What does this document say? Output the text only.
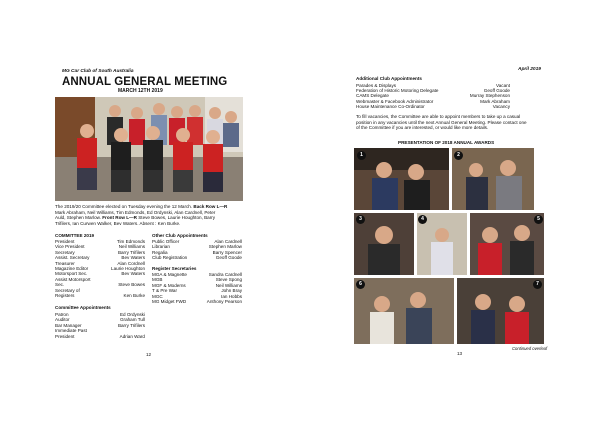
MG Car Club of South Australia
ANNUAL GENERAL MEETING
MARCH 12TH 2019
The 2019/20 Committee elected on Tuesday evening the 12 March. Back Row L—R
Mark Abraham, Neil Williams, Tim Edmonds, Ed Ordynski, Alan Cardnell, Peter
Auld, Stephen Marlow. Front Row L—R Steve Bowes, Laurie Houghton, Barry
Trifilers, Ian Curwen Walker, Bev Waters. Absent : Ken Burke.
COMMITTEE 2019
President	Tim Edmonds
Vice President	Neil Williams
Secretary	Barry Trifilers
Assist. Secretary	Bev Waters
Treasurer	Alan Cordnell
Magazine Editor	Laurie Houghton
Motorsport Sec.	Bev Waters
Assist Motorsport
Sec.	Steve Bowes
Secretary of
Registers	Ken Burke
Committee Appointments
Patron	Ed Ordynski
Auditor	Graham Tull
Bar Manager	Barry Trifilers
Immediate Past
President	Adrian Ward
Other Club Appointments
Public Officer	Alan Cardnell
Librarian	Stephen Marlow
Regalia	Barry Spencer
Club Registration	Geoff Goode
Register Secretaries
MGA & Magnette	Sandra Cardnell
MGB	Steve Spong
MGF & Moderns	Neil Williams
T & Pre War	John Bray
MGC	Ian Hobbs
MG Midget FWD	Anthony Pearson
12
April 2019
Additional Club Appointments
Parades & Displays	Vacant
Federation of Historic Motoring Delegate	Geoff Goode
CAMS Delegate	Murray Stephenson
Webmaster & Facebook Administrator	Mark Abraham
House Maintenance Co-Ordinator	Vacancy
To fill vacancies, the Committee are able to appoint members to take up a casual
position in any vacancies until the next Annual General Meeting. Please contact one
of the Committee if you are interested, or would like more details.
PRESENTATION OF 2018 ANNUAL AWARDS
1	2
3	4	5
6	7
Continued overleaf
13
